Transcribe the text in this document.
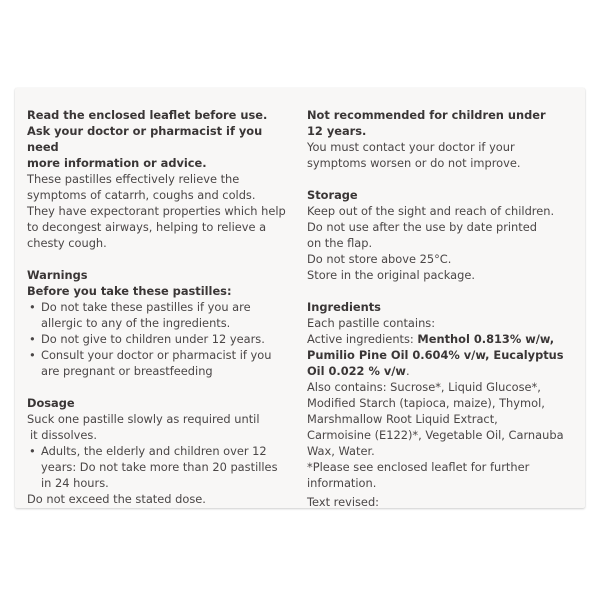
Read the enclosed leaflet before use.
Ask your doctor or pharmacist if you need
more information or advice.
These pastilles effectively relieve the
symptoms of catarrh, coughs and colds.
They have expectorant properties which help
to decongest airways, helping to relieve a
chesty cough.
Warnings
Before you take these pastilles:
• Do not take these pastilles if you are
allergic to any of the ingredients.
• Do not give to children under 12 years.
• Consult your doctor or pharmacist if you
are pregnant or breastfeeding
Dosage
Suck one pastille slowly as required until
it dissolves.
• Adults, the elderly and children over 12
years: Do not take more than 20 pastilles
in 24 hours.
Do not exceed the stated dose.
Not recommended for children under
12 years.
You must contact your doctor if your
symptoms worsen or do not improve.
Storage
Keep out of the sight and reach of children.
Do not use after the use by date printed
on the flap.
Do not store above 25°C.
Store in the original package.
Ingredients
Each pastille contains:
Active ingredients: Menthol 0.813% w/w,
Pumilio Pine Oil 0.604% v/w, Eucalyptus
Oil 0.022 % v/w.
Also contains: Sucrose*, Liquid Glucose*,
Modified Starch (tapioca, maize), Thymol,
Marshmallow Root Liquid Extract,
Carmoisine (E122)*, Vegetable Oil, Carnauba
Wax, Water.
*Please see enclosed leaflet for further
information.
Text revised:
